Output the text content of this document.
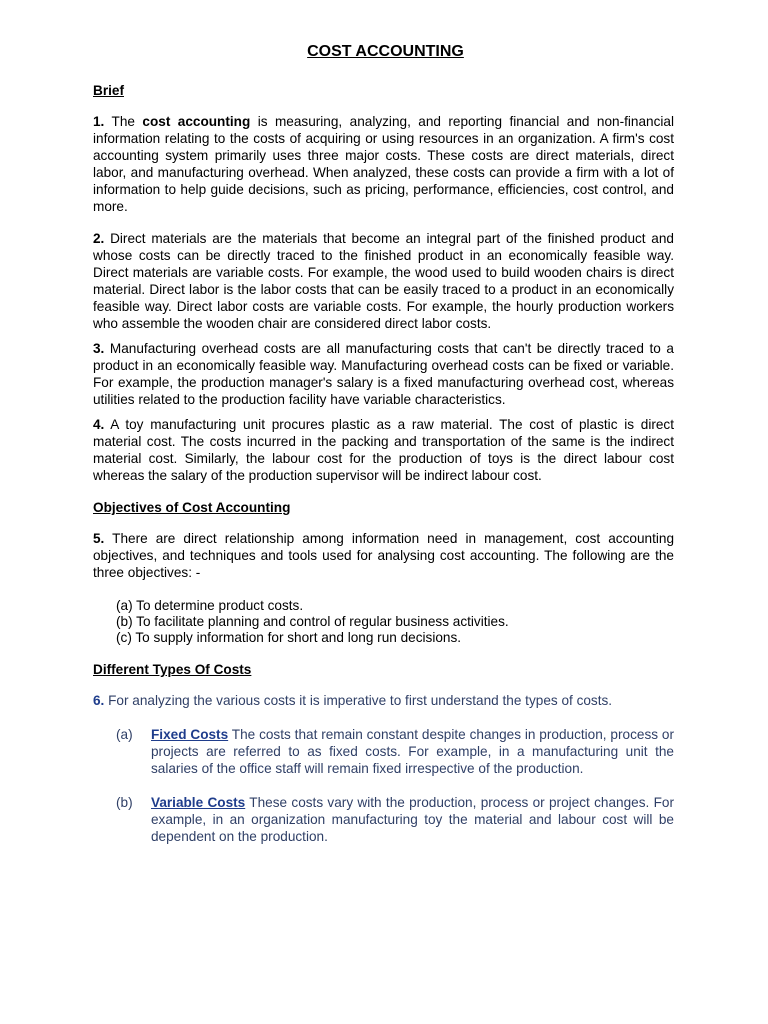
COST ACCOUNTING
Brief

1. The cost accounting is measuring, analyzing, and reporting financial and non-financial information relating to the costs of acquiring or using resources in an organization. A firm's cost accounting system primarily uses three major costs. These costs are direct materials, direct labor, and manufacturing overhead. When analyzed, these costs can provide a firm with a lot of information to help guide decisions, such as pricing, performance, efficiencies, cost control, and more.

2. Direct materials are the materials that become an integral part of the finished product and whose costs can be directly traced to the finished product in an economically feasible way. Direct materials are variable costs. For example, the wood used to build wooden chairs is direct material. Direct labor is the labor costs that can be easily traced to a product in an economically feasible way. Direct labor costs are variable costs. For example, the hourly production workers who assemble the wooden chair are considered direct labor costs.

3. Manufacturing overhead costs are all manufacturing costs that can't be directly traced to a product in an economically feasible way. Manufacturing overhead costs can be fixed or variable. For example, the production manager's salary is a fixed manufacturing overhead cost, whereas utilities related to the production facility have variable characteristics.

4. A toy manufacturing unit procures plastic as a raw material. The cost of plastic is direct material cost. The costs incurred in the packing and transportation of the same is the indirect material cost. Similarly, the labour cost for the production of toys is the direct labour cost whereas the salary of the production supervisor will be indirect labour cost.

Objectives of Cost Accounting

5. There are direct relationship among information need in management, cost accounting objectives, and techniques and tools used for analysing cost accounting. The following are the three objectives: -

(a) To determine product costs.
(b) To facilitate planning and control of regular business activities.
(c) To supply information for short and long run decisions.
Different Types Of Costs

6. For analyzing the various costs it is imperative to first understand the types of costs.

(a)	Fixed Costs The costs that remain constant despite changes in production, process or projects are referred to as fixed costs. For example, in a manufacturing unit the salaries of the office staff will remain fixed irrespective of the production.
(b)	Variable Costs These costs vary with the production, process or project changes. For example, in an organization manufacturing toy the material and labour cost will be dependent on the production.
